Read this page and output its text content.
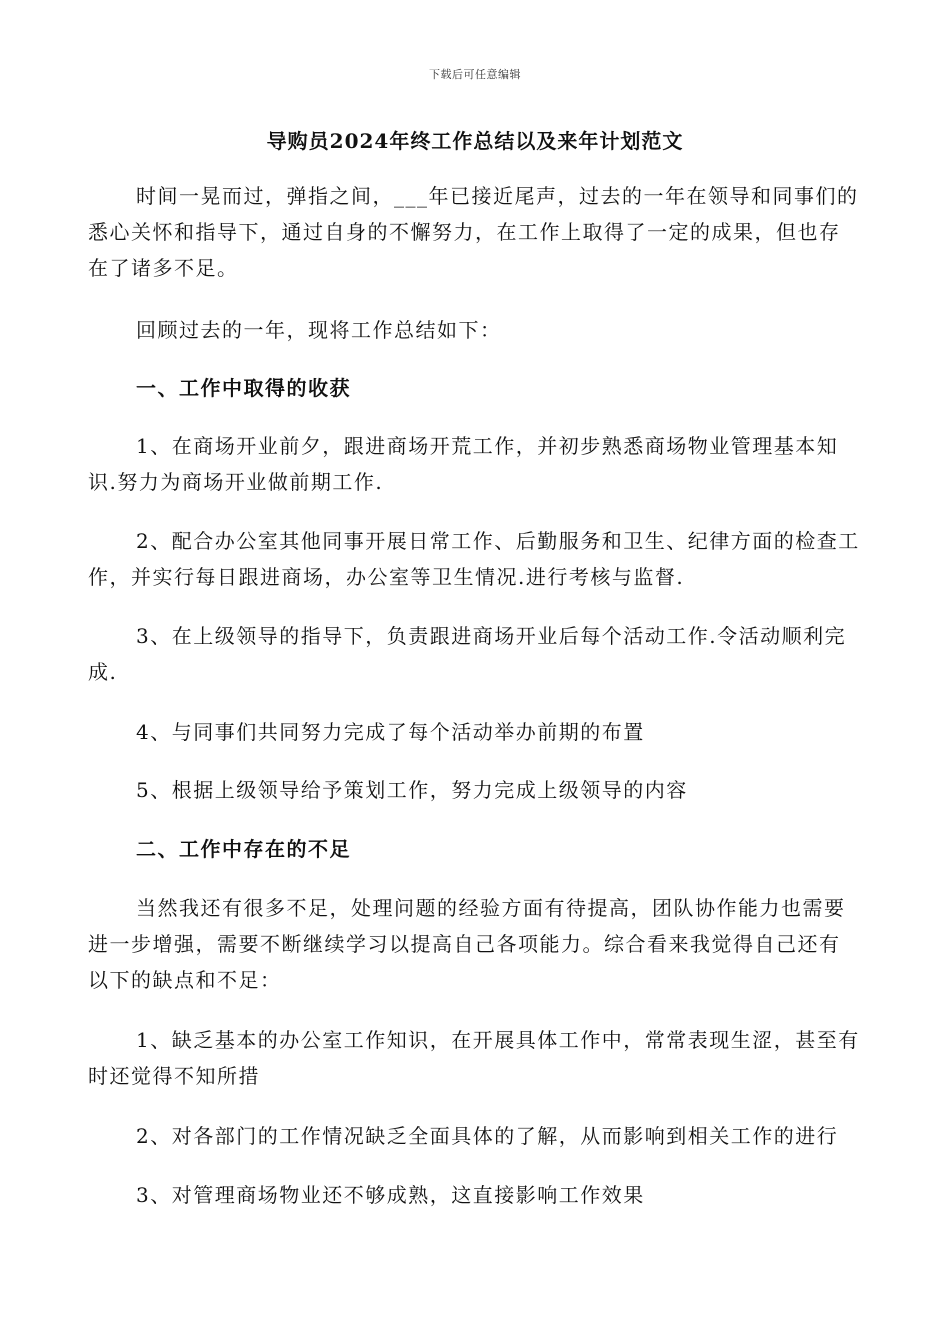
下载后可任意编辑
导购员2024年终工作总结以及来年计划范文

时间一晃而过，弹指之间，___年已接近尾声，过去的一年在领导和同事们的悉心关怀和指导下，通过自身的不懈努力，在工作上取得了一定的成果，但也存在了诸多不足。

回顾过去的一年，现将工作总结如下：

一、工作中取得的收获

1、在商场开业前夕，跟进商场开荒工作，并初步熟悉商场物业管理基本知识.努力为商场开业做前期工作.

2、配合办公室其他同事开展日常工作、后勤服务和卫生、纪律方面的检查工作，并实行每日跟进商场，办公室等卫生情况.进行考核与监督.

3、在上级领导的指导下，负责跟进商场开业后每个活动工作.令活动顺利完成.

4、与同事们共同努力完成了每个活动举办前期的布置

5、根据上级领导给予策划工作，努力完成上级领导的内容

二、工作中存在的不足

当然我还有很多不足，处理问题的经验方面有待提高，团队协作能力也需要进一步增强，需要不断继续学习以提高自己各项能力。综合看来我觉得自己还有以下的缺点和不足：

1、缺乏基本的办公室工作知识，在开展具体工作中，常常表现生涩，甚至有时还觉得不知所措

2、对各部门的工作情况缺乏全面具体的了解，从而影响到相关工作的进行

3、对管理商场物业还不够成熟，这直接影响工作效果
